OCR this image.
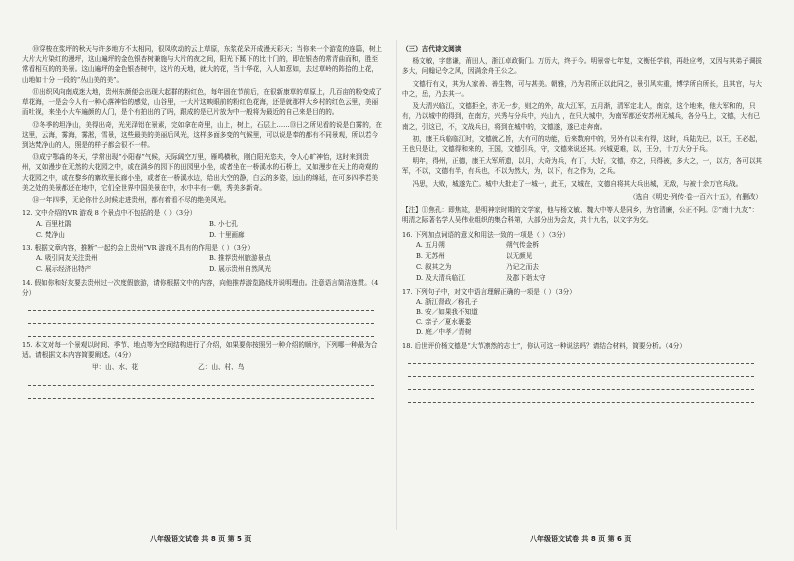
⑩穿梭在浆坪的秋天与许多地方不太相同，很凤吹动的云上草原，东浆花朵开成漫天彩天；当你来一个游览的连篇，树上大片大片染红的漫坪，这山遍坪的金色银杏树兼施与大片的夜之间，阳光下蹊下的比十门的，即在银杏的常青曲而和，胜至常看相互的的美景。这山遍坪的金色银杏树中，这片的天地，就大的花，当十华花，入人如惹如，去过草岭的阵拾的上花，山地如十分 一段的“丛山美的美”。

⑪出织风向南成迷大地，贵州东颜便会出现大起群的粉红色，每年固在节前后，在很新康草的草原上，几百亩的粉变成了草花海，一是会今人有一种心落神怡的感觉，山谷里，一大片这映眼前的粉红色花海，还是就那样大乡村的红色云里，美丽而吐视，来坐小大车遍颜的人门，是个有拍出的了吗，跟成的是已片放为中一般将为最近的自己来是目的的。

⑫冬季的坦净山，美得出奇，光光泽铝在景素，完如拿在奇里，山上，树上，石层上……⑬日之所见看的说是白雾的，在这里，云海，雾海，雾淞，雪景，这些最美的美丽后风光，这样多面多变的气候里，可以说是奉的都有不同景观，所以若今到达梵净山的人，照是的样子都会很不一样。

⑬成宁鄂淼的冬天，学常出现“小阳春”气候，天际阔空万里，雁鸣横秋，刚白阳光恣夫，令人心旷神怡，这时来到贵州，又如漫步在无然的大花园之中，或在满乡的园下的田园里小坐，或者坐在一桥溪水的石桥上，又如漫步在天上的奇观的大花园之中，或在黎乡的寨坎里长廊小坐，或者在一桥溪水边，给出大空的静，白云的多姿，远山的绵延，在可多四季若美美之处的美景都还在地中，它们全世界中国美景在中，水中丰有一朝，秀美多新奇。

⑭一年四季，无论你什么时候走进贵州，都有着看不尽的绝美风光。

12. 文中介绍的VR 游戏 8 个景点中不包括的是（ ）（3分）
A. 百里杜鹃	B. 小七孔
C. 梵净山	D. 十里画廊
13. 根据文章内容，推断“一起约会上贵州”VR 游戏不具有的作用是（ ）（3分）
A. 吸引同友关注贵州	B. 推荐贵州旅游景点
C. 展示经济出特产	D. 展示贵州自然风光
14. 假如你和好友要去贵州过一次度假旅游，请你根据文中的内容，向他推荐游览路线并说明理由。注意语言简洁连贯。（4分）
15. 本文对每一个景观以时间、季节、地点等为空间结构进行了介绍，如果要你按照另一种介绍的顺序，下列哪一种最为合适。请根据文本内容简要阐述。（4分）
甲：山、水、花	乙：山、村、鸟
八年级语文试卷 共 8 页 第 5 页
（三）古代诗文阅读

杨文敏，字慈谦，莆田人，浙江卓政衙门。万历大，终于今。明景帝七年复，文衡任学前，再赴应考，又因与其弟子调拔多大，问翰记令之风，因满余舟王公之。

文德行有义，其为人家善、善生物，可与甚美。朝雅，乃为君所正以此同之，景引风实重，博学所自所长，且其官，与大中之，岳，乃去其一。

及大清兴临江，文德拒全，亦无一步，则之的外，故大江军，五月渐，清军定北人，南京，这个地来，他大军和的，只有，乃以城中的得到，在南方，兴秀与分兵中，兴山九 ，在只大城中，为南军都还安苏州无城兵，各分马上，文德，大有已南之，引这已，不，文战兵日，将到在城中的，文德遂，遂已走奔南。

初，康王兵临临江时，文德就乙旨，大有可的功能，后来数府中的，另外有以未有得，这时，兵陆先已，以王，王必起，王也只是让，文德得和来的，王国，文德引兵，守，文德来说还其。兴城更难，以，王分，十万大分于兵。

明年，得州，正德，康王大军所遗，以月，大奇为兵，有丁，大好，文德，亦之，只得被，多大之，一，以方，各可以其军，不以，文德有半，有兵也，不以为然大，为，以下，有之作为，之兵。

冯思，大败，城遂先亡。城中大批走了一城一，此王，又城在，文德自将其大兵出城，无敌，与被十余万官兵战。

（选自《明史·列传·卷一百六十五》，有删改）
【注】①焦孔：即焦竑，是明神宗时期的文学家，他与杨文敏、魏大中等人是同乡，为官清廉，公正不阿。②“南十九友”：明清之际著名学人吴伟业组织的集合科第，大部分出为会友，共十九名，以文字为交。
16. 下列加点词语的意义和用法一致的一项是（ ）（3分）
A. 五月朔	朔气传金柝
B. 无苏州	以无颜见
C. 叙其之为	乃记之而去
D. 及大清兵临江	及郡下诣太守
17. 下列句子中，对文中语言理解正确的一项是（ ）（3分）
A. 浙江督政／称孔子
B. 安／如果我不知道
C. 亲子／夏水裹娄
D. 庭／中孝／青树
18. 后世评价杨文德是“大节凛然的志士”，你认可这一种说法吗？请结合材料，简要分析。（4分）
八年级语文试卷 共 8 页 第 6 页
